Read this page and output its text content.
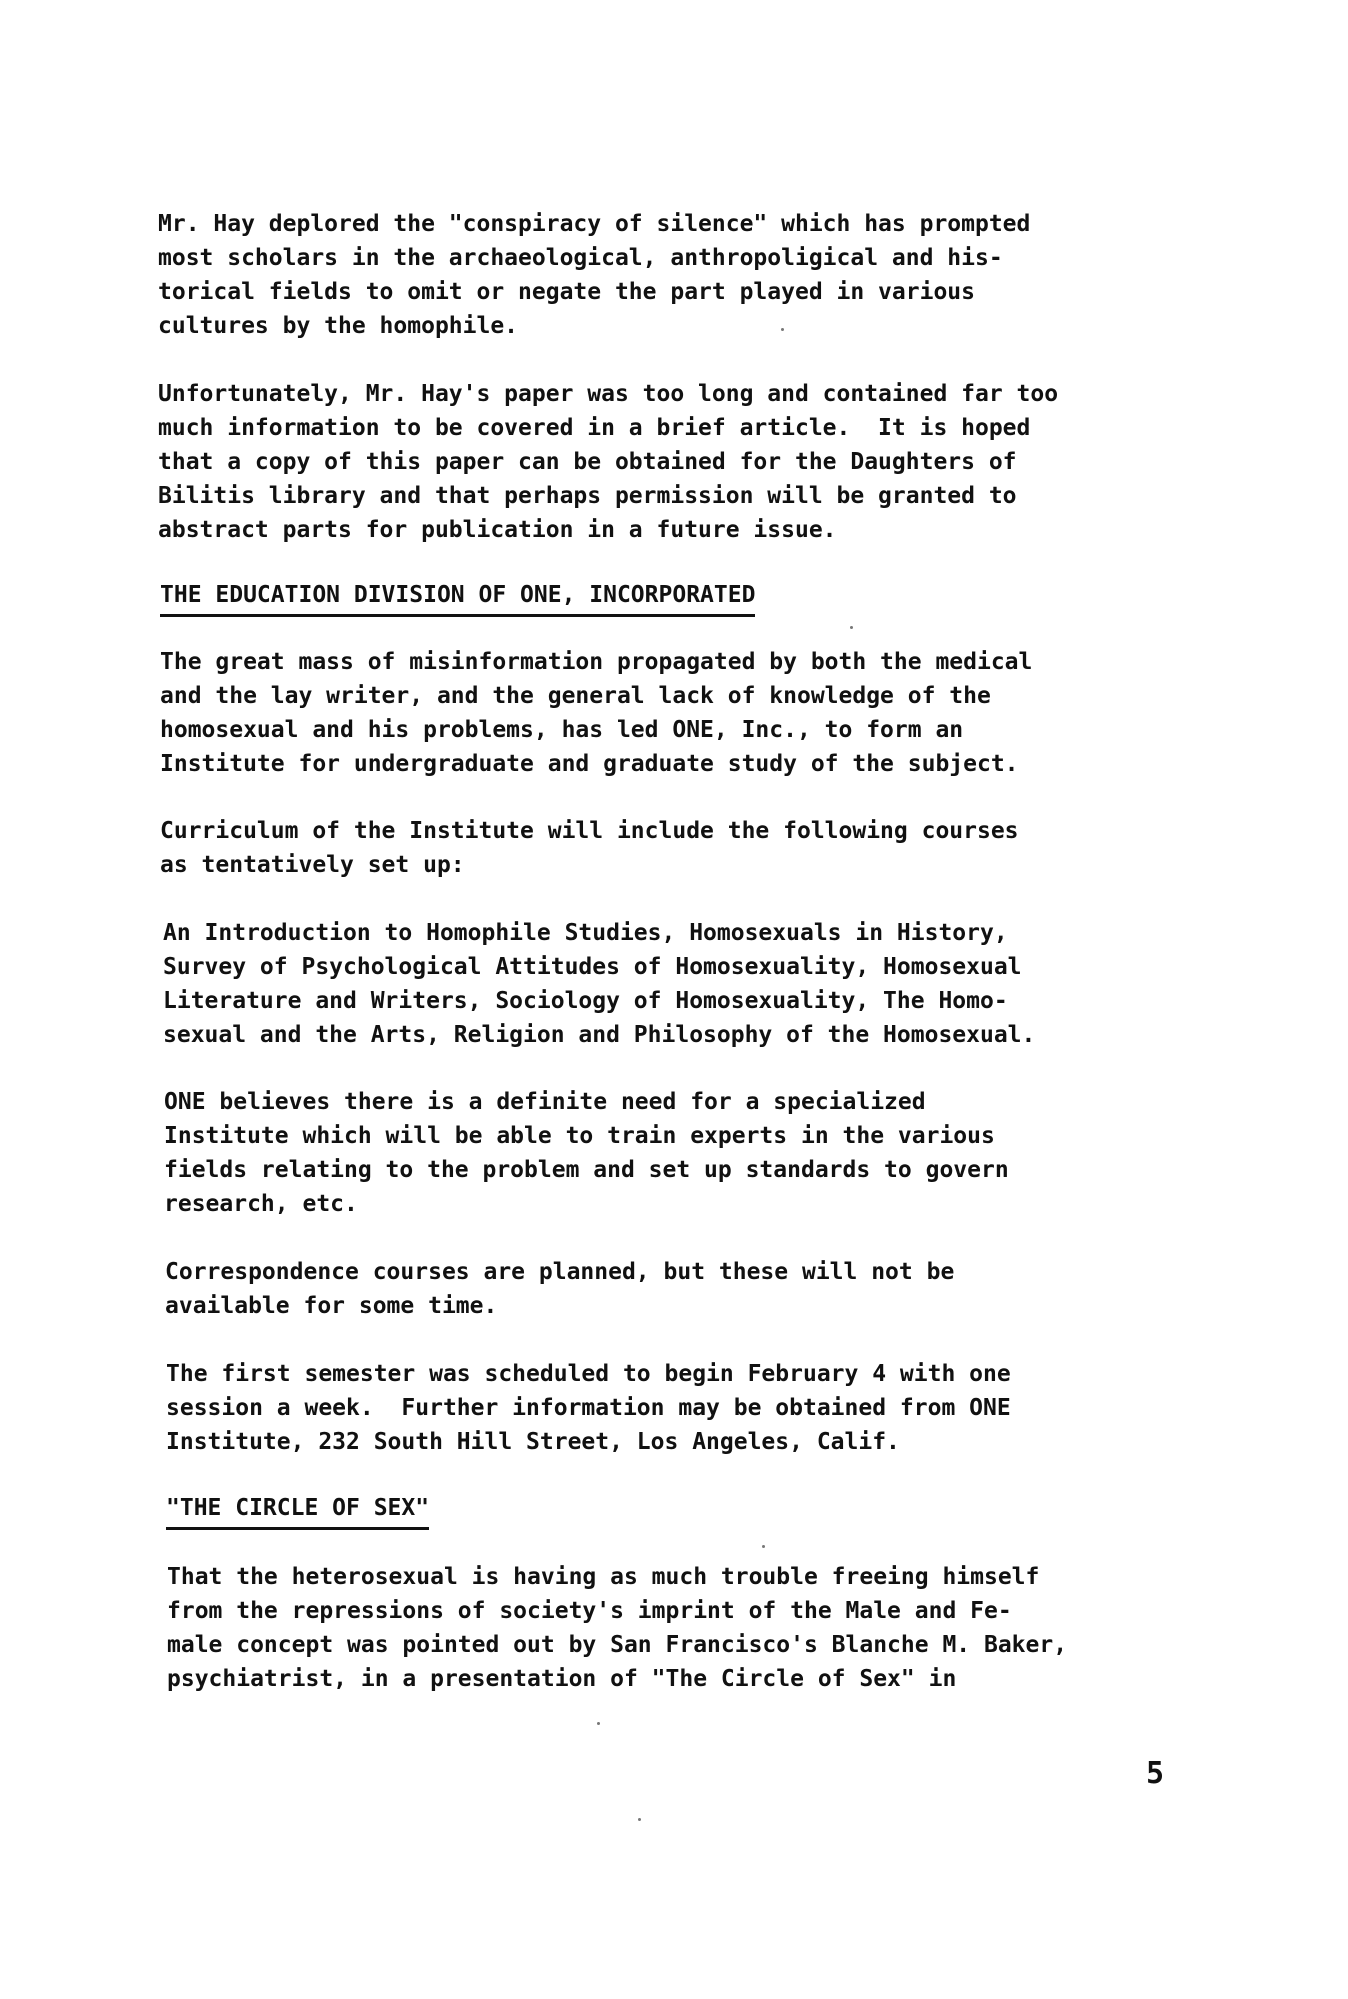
Mr. Hay deplored the "conspiracy of silence" which has prompted
most scholars in the archaeological, anthropoligical and his-
torical fields to omit or negate the part played in various
cultures by the homophile.

Unfortunately, Mr. Hay's paper was too long and contained far too
much information to be covered in a brief article.  It is hoped
that a copy of this paper can be obtained for the Daughters of
Bilitis library and that perhaps permission will be granted to
abstract parts for publication in a future issue.

THE EDUCATION DIVISION OF ONE, INCORPORATED

The great mass of misinformation propagated by both the medical
and the lay writer, and the general lack of knowledge of the
homosexual and his problems, has led ONE, Inc., to form an
Institute for undergraduate and graduate study of the subject.

Curriculum of the Institute will include the following courses
as tentatively set up:

An Introduction to Homophile Studies, Homosexuals in History,
Survey of Psychological Attitudes of Homosexuality, Homosexual
Literature and Writers, Sociology of Homosexuality, The Homo-
sexual and the Arts, Religion and Philosophy of the Homosexual.

ONE believes there is a definite need for a specialized
Institute which will be able to train experts in the various
fields relating to the problem and set up standards to govern
research, etc.

Correspondence courses are planned, but these will not be
available for some time.

The first semester was scheduled to begin February 4 with one
session a week.  Further information may be obtained from ONE
Institute, 232 South Hill Street, Los Angeles, Calif.

"THE CIRCLE OF SEX"

That the heterosexual is having as much trouble freeing himself
from the repressions of society's imprint of the Male and Fe-
male concept was pointed out by San Francisco's Blanche M. Baker,
psychiatrist, in a presentation of "The Circle of Sex" in

5
